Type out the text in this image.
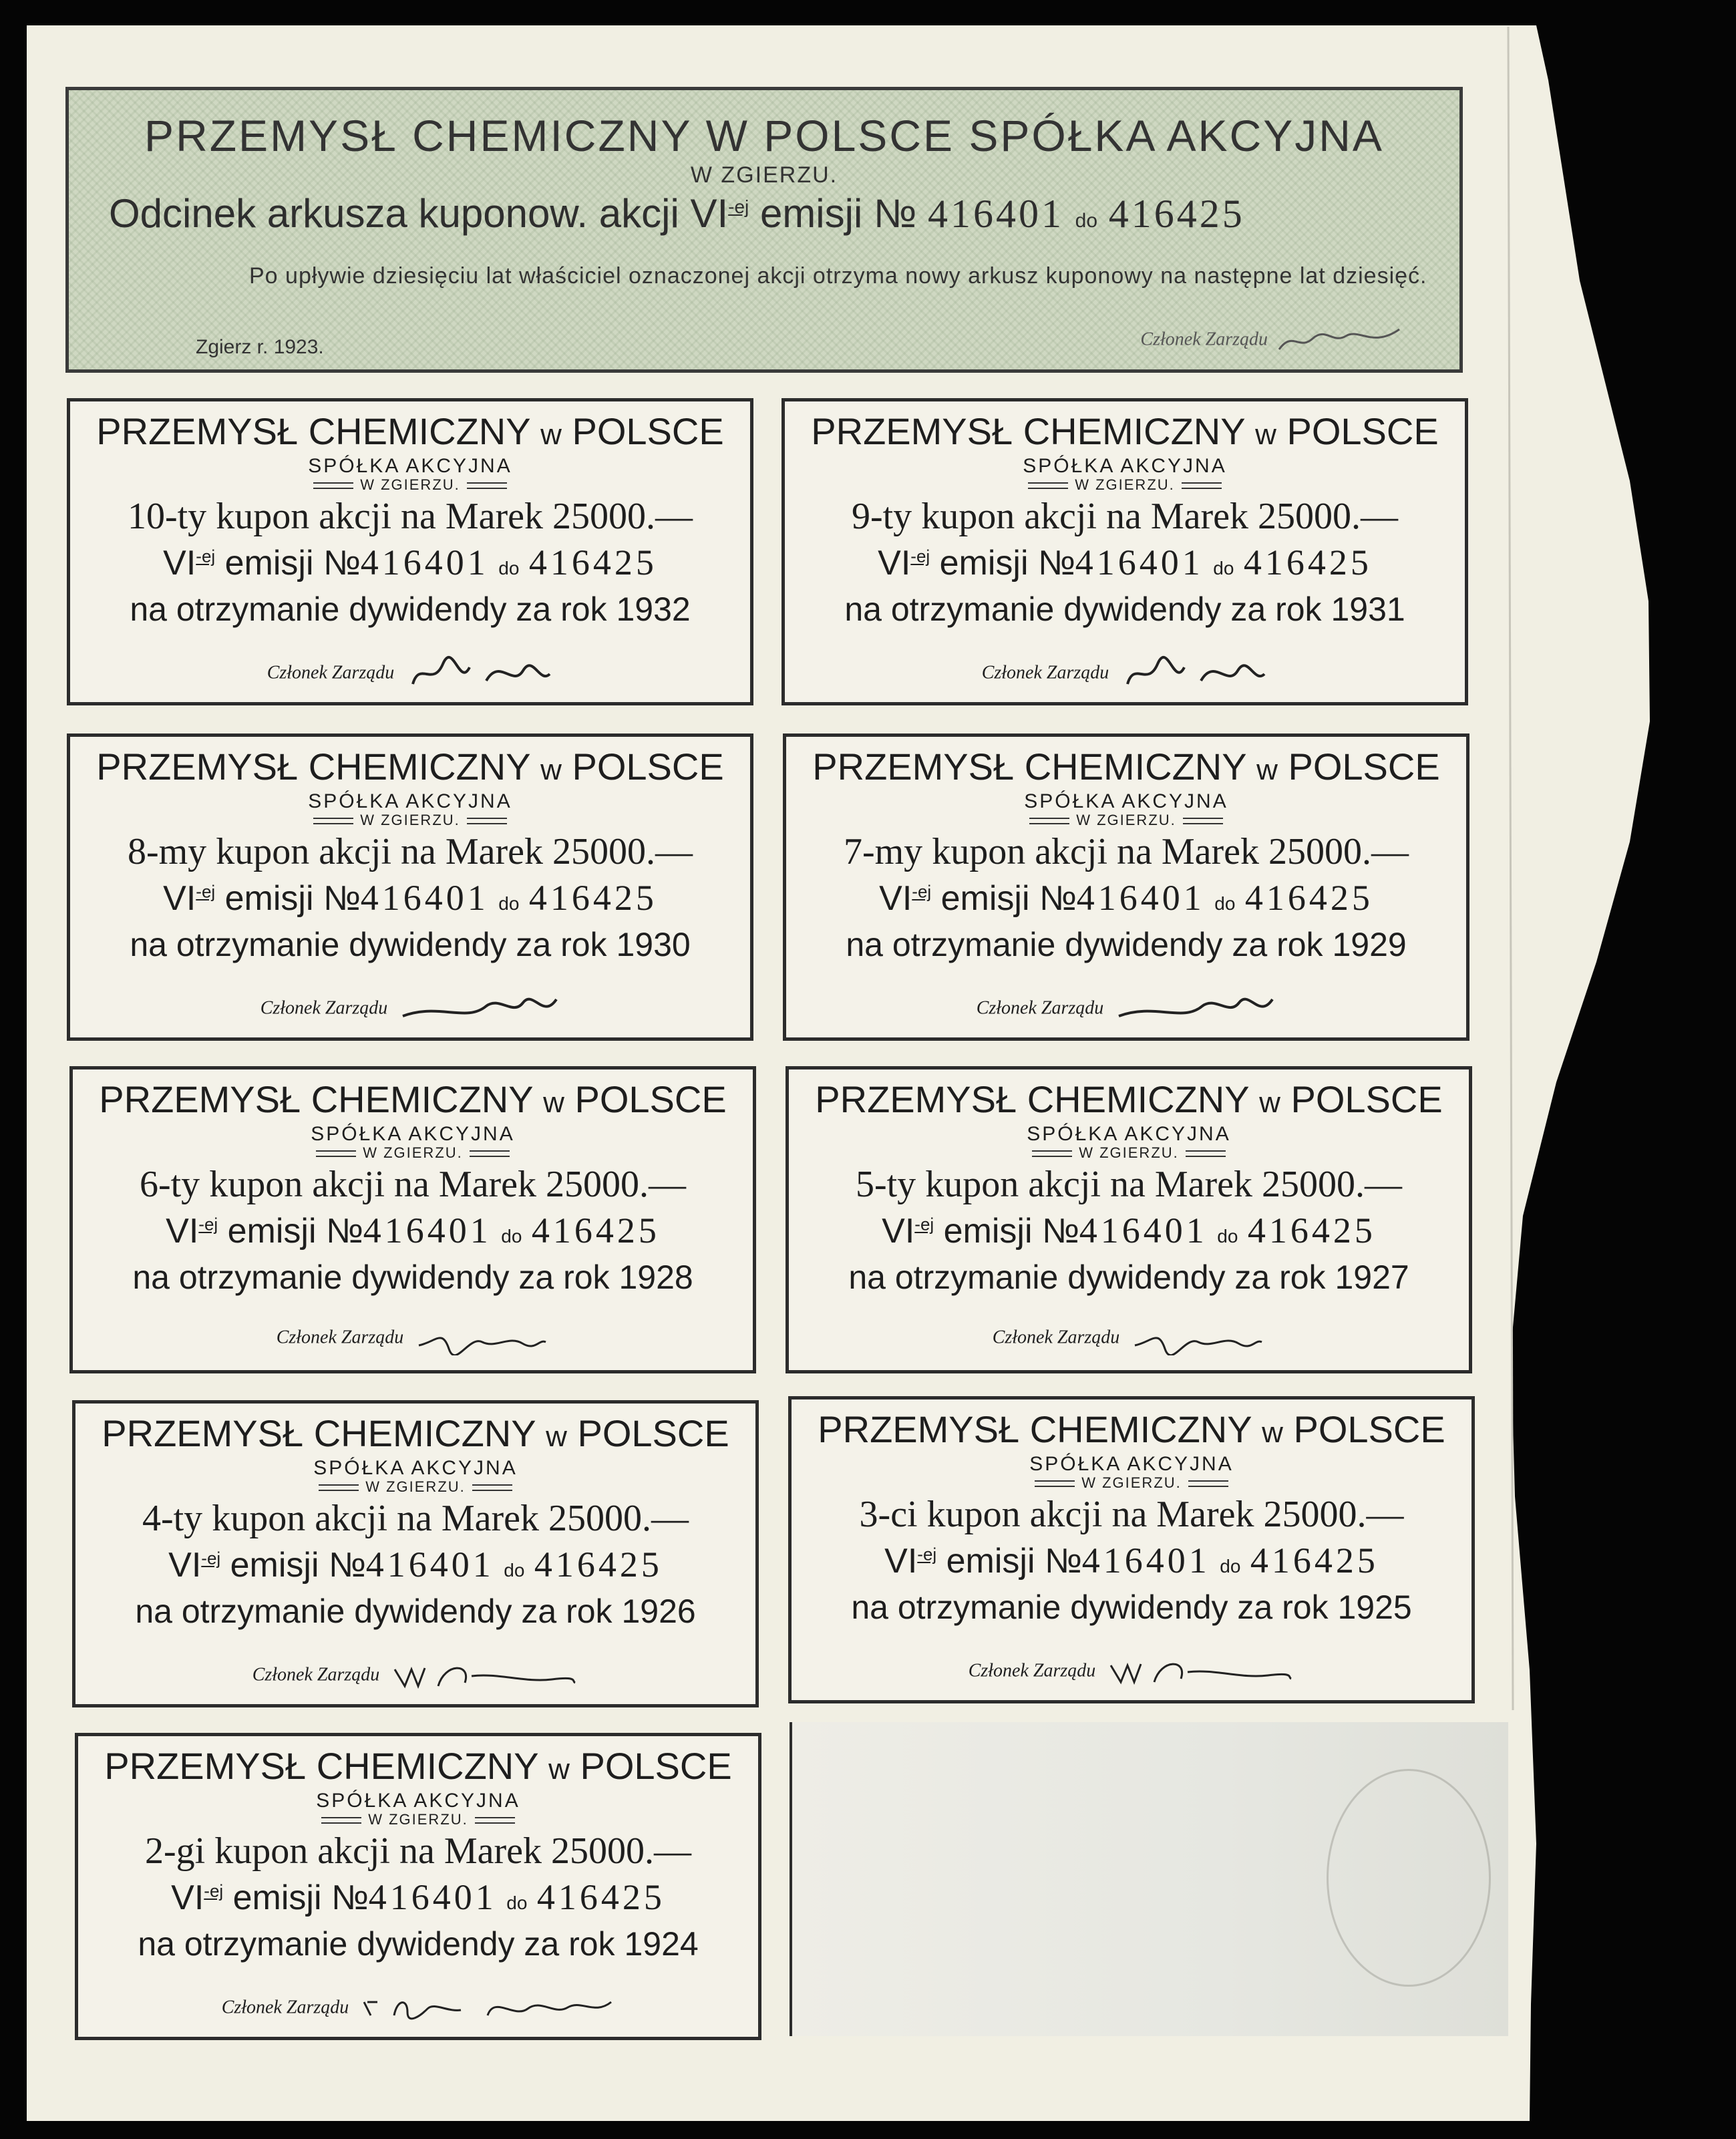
PRZEMYSŁ CHEMICZNY W POLSCE SPÓŁKA AKCYJNA
W ZGIERZU.
Odcinek arkusza kuponow. akcji $VI^{-ej}$ emisji № 416401 do 416425
Po upływie dziesięciu lat właściciel oznaczonej akcji otrzyma nowy arkusz kuponowy na następne lat dziesięć.
Zgierz r. 1923.	Członek Zarządu
PRZEMYSŁ CHEMICZNY w POLSCE
SPÓŁKA AKCYJNA
W ZGIERZU.
10-ty kupon akcji na Marek 25000.—
$VI^{-ej}$ emisji №416401 do 416425
na otrzymanie dywidendy za rok 1932
Członek Zarządu
PRZEMYSŁ CHEMICZNY w POLSCE
SPÓŁKA AKCYJNA
W ZGIERZU.
9-ty kupon akcji na Marek 25000.—
$VI^{-ej}$ emisji №416401 do 416425
na otrzymanie dywidendy za rok 1931
Członek Zarządu
PRZEMYSŁ CHEMICZNY w POLSCE
SPÓŁKA AKCYJNA
W ZGIERZU.
8-my kupon akcji na Marek 25000.—
$VI^{-ej}$ emisji №416401 do 416425
na otrzymanie dywidendy za rok 1930
Członek Zarządu
PRZEMYSŁ CHEMICZNY w POLSCE
SPÓŁKA AKCYJNA
W ZGIERZU.
7-my kupon akcji na Marek 25000.—
$VI^{-ej}$ emisji №416401 do 416425
na otrzymanie dywidendy za rok 1929
Członek Zarządu
PRZEMYSŁ CHEMICZNY w POLSCE
SPÓŁKA AKCYJNA
W ZGIERZU.
6-ty kupon akcji na Marek 25000.—
$VI^{-ej}$ emisji №416401 do 416425
na otrzymanie dywidendy za rok 1928
Członek Zarządu
PRZEMYSŁ CHEMICZNY w POLSCE
SPÓŁKA AKCYJNA
W ZGIERZU.
5-ty kupon akcji na Marek 25000.—
$VI^{-ej}$ emisji №416401 do 416425
na otrzymanie dywidendy za rok 1927
Członek Zarządu
PRZEMYSŁ CHEMICZNY w POLSCE
SPÓŁKA AKCYJNA
W ZGIERZU.
4-ty kupon akcji na Marek 25000.—
$VI^{-ej}$ emisji №416401 do 416425
na otrzymanie dywidendy za rok 1926
Członek Zarządu
PRZEMYSŁ CHEMICZNY w POLSCE
SPÓŁKA AKCYJNA
W ZGIERZU.
3-ci kupon akcji na Marek 25000.—
$VI^{-ej}$ emisji №416401 do 416425
na otrzymanie dywidendy za rok 1925
Członek Zarządu
PRZEMYSŁ CHEMICZNY w POLSCE
SPÓŁKA AKCYJNA
W ZGIERZU.
2-gi kupon akcji na Marek 25000.—
$VI^{-ej}$ emisji №416401 do 416425
na otrzymanie dywidendy za rok 1924
Członek Zarządu
